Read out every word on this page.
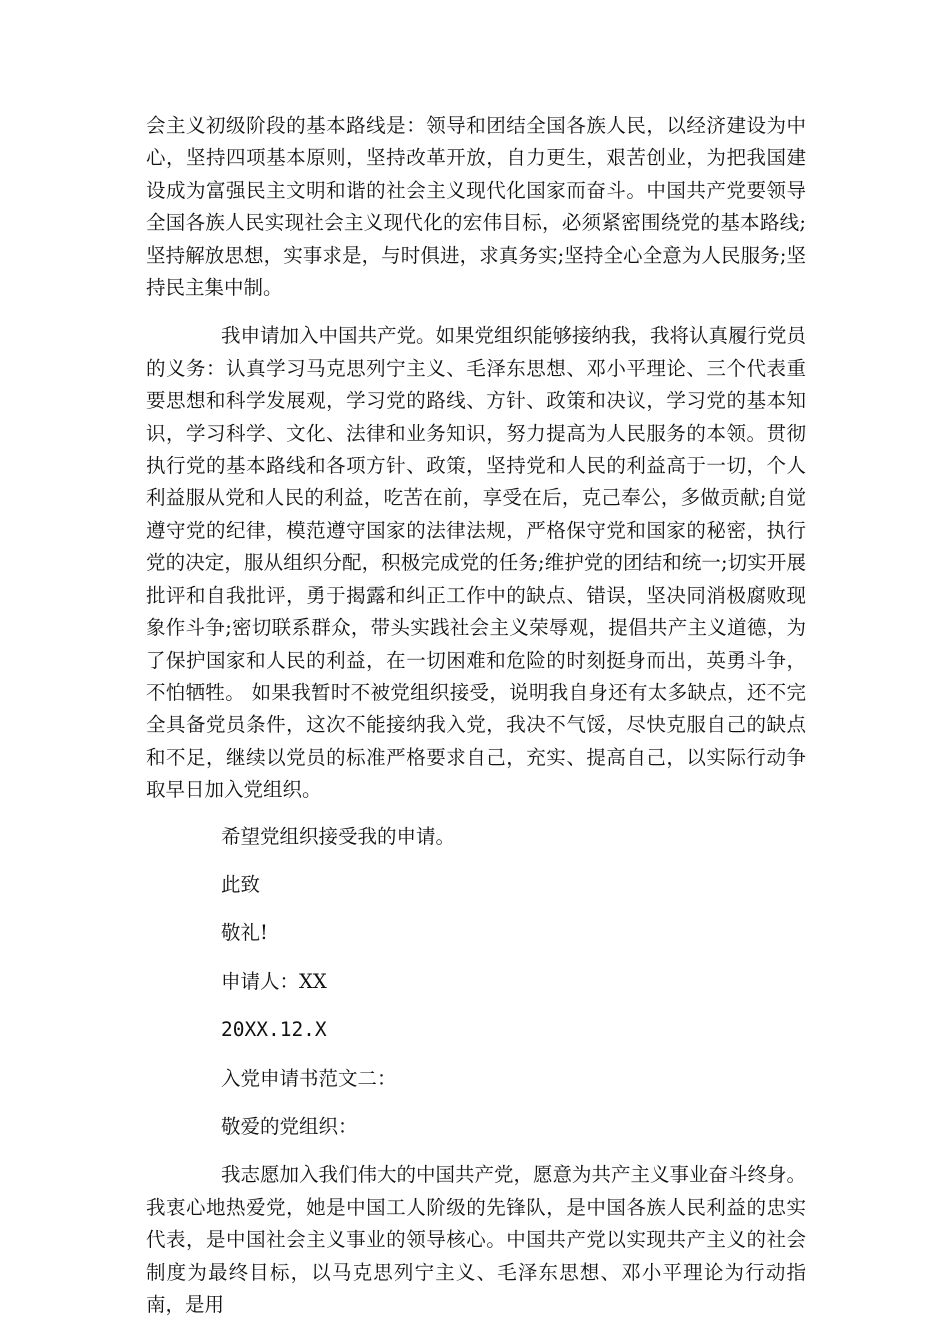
会主义初级阶段的基本路线是：领导和团结全国各族人民，以经济建设为中心，坚持四项基本原则，坚持改革开放，自力更生，艰苦创业，为把我国建设成为富强民主文明和谐的社会主义现代化国家而奋斗。中国共产党要领导全国各族人民实现社会主义现代化的宏伟目标，必须紧密围绕党的基本路线;坚持解放思想，实事求是，与时俱进，求真务实;坚持全心全意为人民服务;坚持民主集中制。

我申请加入中国共产党。如果党组织能够接纳我，我将认真履行党员的义务：认真学习马克思列宁主义、毛泽东思想、邓小平理论、三个代表重要思想和科学发展观，学习党的路线、方针、政策和决议，学习党的基本知识，学习科学、文化、法律和业务知识，努力提高为人民服务的本领。贯彻执行党的基本路线和各项方针、政策，坚持党和人民的利益高于一切，个人利益服从党和人民的利益，吃苦在前，享受在后，克己奉公，多做贡献;自觉遵守党的纪律，模范遵守国家的法律法规，严格保守党和国家的秘密，执行党的决定，服从组织分配，积极完成党的任务;维护党的团结和统一;切实开展批评和自我批评，勇于揭露和纠正工作中的缺点、错误，坚决同消极腐败现象作斗争;密切联系群众，带头实践社会主义荣辱观，提倡共产主义道德，为了保护国家和人民的利益，在一切困难和危险的时刻挺身而出，英勇斗争，不怕牺牲。 如果我暂时不被党组织接受，说明我自身还有太多缺点，还不完全具备党员条件，这次不能接纳我入党，我决不气馁，尽快克服自己的缺点和不足，继续以党员的标准严格要求自己，充实、提高自己，以实际行动争取早日加入党组织。

希望党组织接受我的申请。

此致

敬礼!

申请人：XX

20XX.12.X

入党申请书范文二：

敬爱的党组织：

我志愿加入我们伟大的中国共产党，愿意为共产主义事业奋斗终身。我衷心地热爱党，她是中国工人阶级的先锋队，是中国各族人民利益的忠实代表，是中国社会主义事业的领导核心。中国共产党以实现共产主义的社会制度为最终目标，以马克思列宁主义、毛泽东思想、邓小平理论为行动指南，是用
